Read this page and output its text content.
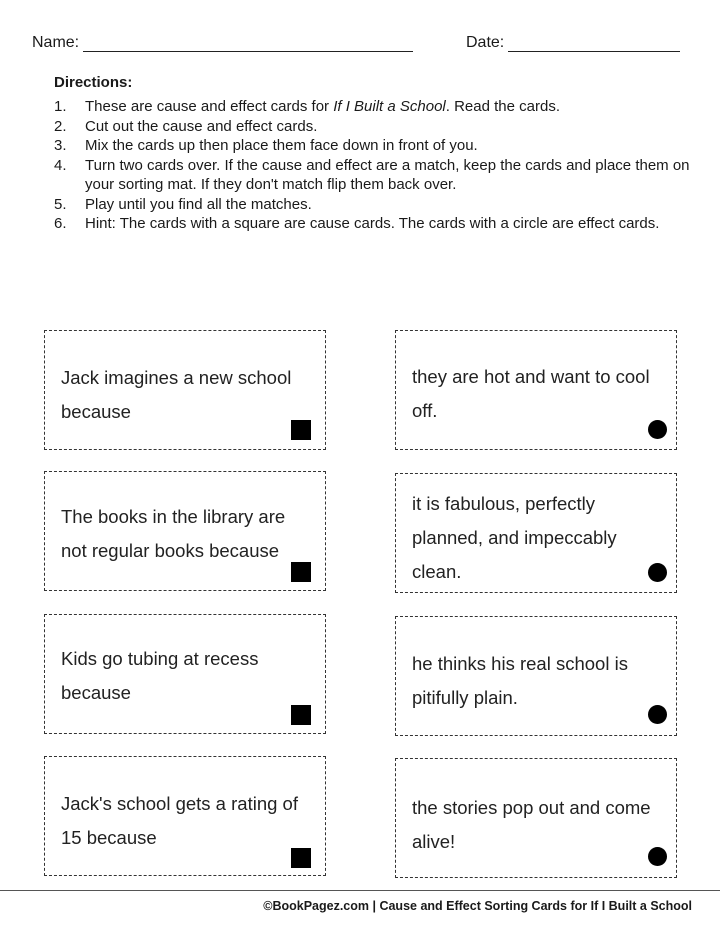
Name:	Date:
Directions:
1. These are cause and effect cards for If I Built a School. Read the cards.
2. Cut out the cause and effect cards.
3. Mix the cards up then place them face down in front of you.
4. Turn two cards over. If the cause and effect are a match, keep the cards and place them on your sorting mat. If they don't match flip them back over.
5. Play until you find all the matches.
6. Hint: The cards with a square are cause cards. The cards with a circle are effect cards.
Jack imagines a new school because
The books in the library are not regular books because
Kids go tubing at recess because
Jack's school gets a rating of 15 because
they are hot and want to cool off.
it is fabulous, perfectly planned, and impeccably clean.
he thinks his real school is pitifully plain.
the stories pop out and come alive!
©BookPagez.com | Cause and Effect Sorting Cards for If I Built a School
